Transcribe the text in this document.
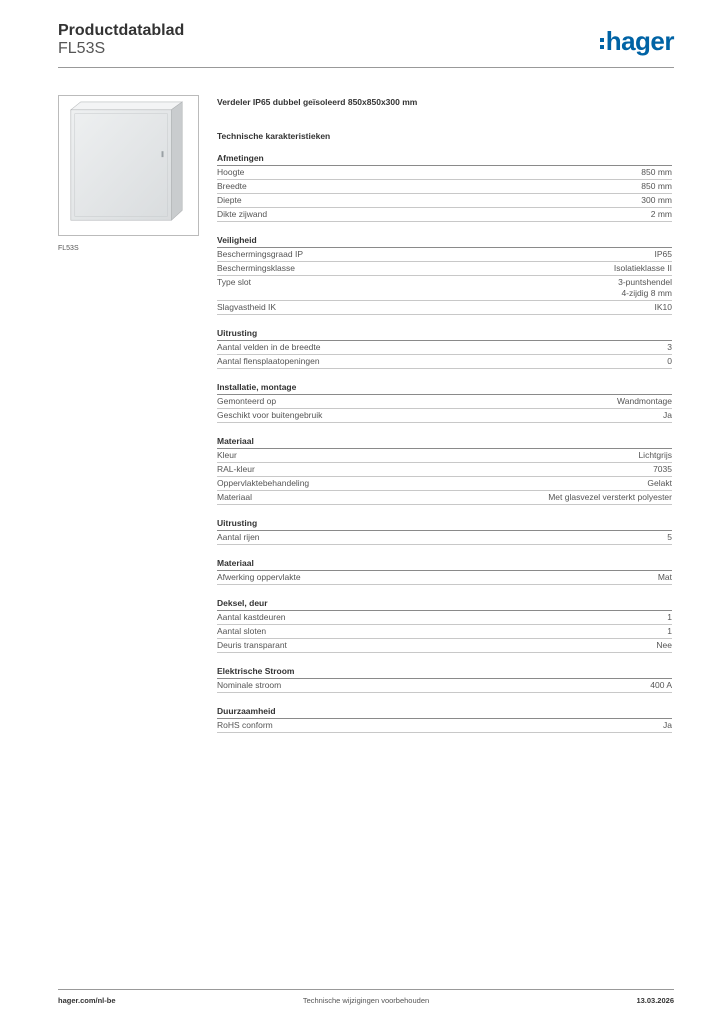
Productdatablad
FL53S	hager
FL53S
Verdeler IP65 dubbel geïsoleerd 850x850x300 mm
Technische karakteristieken
Afmetingen
Hoogte	850 mm
Breedte	850 mm
Diepte	300 mm
Dikte zijwand	2 mm
Veiligheid
Beschermingsgraad IP	IP65
Beschermingsklasse	Isolatieklasse II
Type slot	3-puntshendel
4-zijdig 8 mm
Slagvastheid IK	IK10
Uitrusting
Aantal velden in de breedte	3
Aantal flensplaatopeningen	0
Installatie, montage
Gemonteerd op	Wandmontage
Geschikt voor buitengebruik	Ja
Materiaal
Kleur	Lichtgrijs
RAL-kleur	7035
Oppervlaktebehandeling	Gelakt
Materiaal	Met glasvezel versterkt polyester
Uitrusting
Aantal rijen	5
Materiaal
Afwerking oppervlakte	Mat
Deksel, deur
Aantal kastdeuren	1
Aantal sloten	1
Deuris transparant	Nee
Elektrische Stroom
Nominale stroom	400 A
Duurzaamheid
RoHS conform	Ja
hager.com/nl-be	Technische wijzigingen voorbehouden	13.03.2026
